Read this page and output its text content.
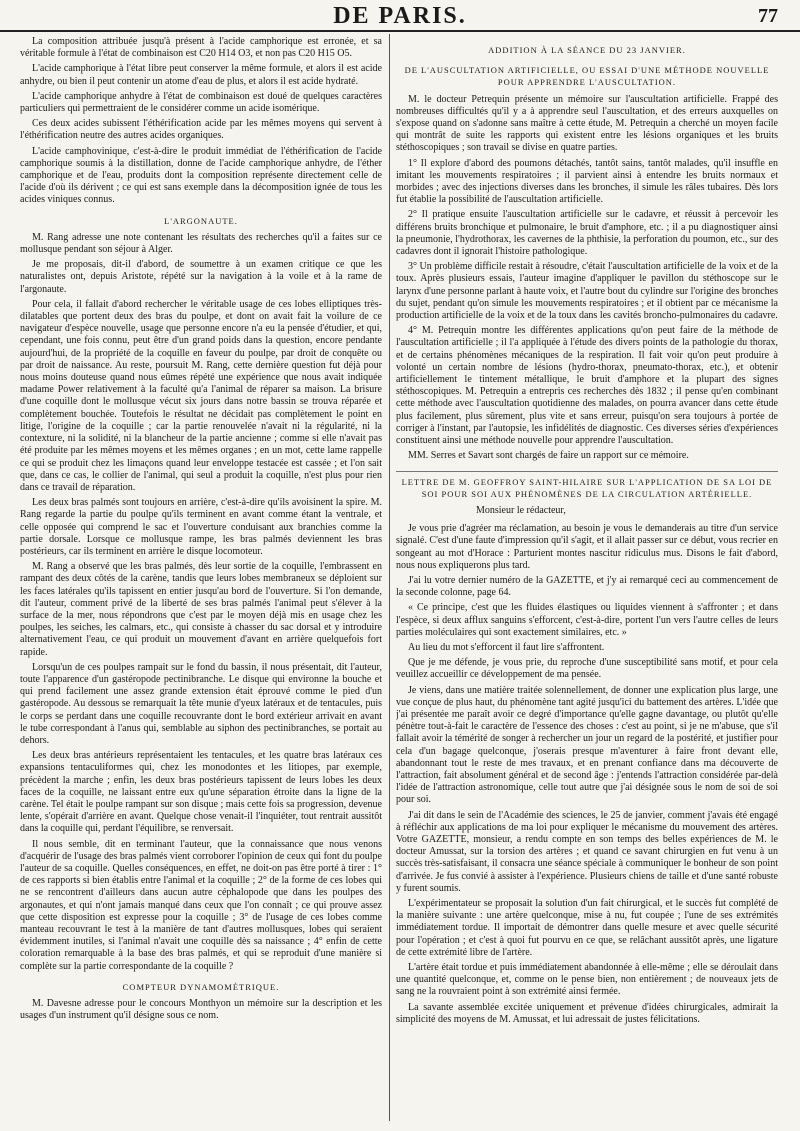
DE PARIS.	77

La composition attribuée jusqu'à présent à l'acide camphorique est erronée, et sa véritable formule à l'état de combinaison est C20 H14 O3, et non pas C20 H15 O5.

L'acide camphorique à l'état libre peut conserver la même formule, et alors il est acide anhydre, ou bien il peut contenir un atome d'eau de plus, et alors il est acide hydraté.

L'acide camphorique anhydre à l'état de combinaison est doué de quelques caractères particuliers qui permettraient de le considérer comme un acide isomérique.

Ces deux acides subissent l'éthérification acide par les mêmes moyens qui servent à l'éthérification neutre des autres acides organiques.

L'acide camphovinique, c'est-à-dire le produit immédiat de l'éthérification de l'acide camphorique soumis à la distillation, donne de l'acide camphorique anhydre, de l'éther camphorique et de l'eau, produits dont la composition représente directement celle de l'acide d'où ils dérivent ; ce qui est sans exemple dans la décomposition ignée de tous les acides viniques connus.

L'ARGONAUTE.

M. Rang adresse une note contenant les résultats des recherches qu'il a faites sur ce mollusque pendant son séjour à Alger.

Je me proposais, dit-il d'abord, de soumettre à un examen critique ce que les naturalistes ont, depuis Aristote, répété sur la navigation à la voile et à la rame de l'argonaute.

Pour cela, il fallait d'abord rechercher le véritable usage de ces lobes elliptiques très-dilatables que portent deux des bras du poulpe, et dont on avait fait la voilure de ce navigateur d'espèce nouvelle, usage que personne encore n'a eu la pensée d'étudier, et qui, cependant, une fois connu, peut être d'un grand poids dans la question, encore pendante aujourd'hui, de la propriété de la coquille en faveur du poulpe, par droit de conquête ou par droit de naissance. Au reste, poursuit M. Rang, cette dernière question fut déjà pour nous moins douteuse quand nous eûmes répété une expérience que nous avait indiquée madame Power relativement à la faculté qu'a l'animal de réparer sa maison. La brisure d'une coquille dont le mollusque vécut six jours dans notre bassin se trouva réparée et complètement bouchée. Toutefois le résultat ne décidait pas complètement le point en litige, l'origine de la coquille ; car la partie renouvelée n'avait ni la régularité, ni la contexture, ni la solidité, ni la blancheur de la partie ancienne ; comme si elle n'avait pas été produite par les mêmes moyens et les mêmes organes ; en un mot, cette lame rappelle ce qui se produit chez les limaçons quand leur enveloppe testacée est cassée ; et l'on sait que, dans ce cas, le collier de l'animal, qui seul a produit la coquille, n'est plus pour rien dans ce travail de réparation.

Les deux bras palmés sont toujours en arrière, c'est-à-dire qu'ils avoisinent la spire. M. Rang regarde la partie du poulpe qu'ils terminent en avant comme étant la ventrale, et celle opposée qui comprend le sac et l'ouverture conduisant aux branchies comme la partie dorsale. Lorsque ce mollusque rampe, les bras palmés deviennent les bras postérieurs, car ils terminent en arrière le disque locomoteur.

M. Rang a observé que les bras palmés, dès leur sortie de la coquille, l'embrassent en rampant des deux côtés de la carène, tandis que leurs lobes membraneux se déploient sur les faces latérales qu'ils tapissent en entier jusqu'au bord de l'ouverture. Si l'on demande, dit l'auteur, comment privé de la liberté de ses bras palmés l'animal peut s'élever à la surface de la mer, nous répondrons que c'est par le moyen déjà mis en usage chez les poulpes, les seiches, les calmars, etc., qui consiste à chasser du sac dorsal et y introduire alternativement l'eau, ce qui produit un mouvement d'avant en arrière quelquefois fort rapide.

Lorsqu'un de ces poulpes rampait sur le fond du bassin, il nous présentait, dit l'auteur, toute l'apparence d'un gastéropode pectinibranche. Le disque qui environne la bouche et qui prend facilement une assez grande extension était éprouvé comme le pied d'un gastéropode. Au dessous se remarquait la tête munie d'yeux latéraux et de tentacules, puis le corps se perdant dans une coquille recouvrante dont le bord extérieur arrivait en avant le tube correspondant à l'anus qui, semblable au siphon des pectinibranches, se portait au dehors.

Les deux bras antérieurs représentaient les tentacules, et les quatre bras latéraux ces expansions tentaculiformes qui, chez les monodontes et les litiopes, par exemple, précèdent la marche ; enfin, les deux bras postérieurs tapissent de leurs lobes les deux faces de la coquille, ne laissant entre eux qu'une séparation étroite dans la ligne de la carène. Tel était le poulpe rampant sur son disque ; mais cette fois sa progression, devenue lente, s'opérait d'arrière en avant. Quelque chose venait-il l'inquiéter, tout rentrait aussitôt dans la coquille qui, perdant l'équilibre, se renversait.

Il nous semble, dit en terminant l'auteur, que la connaissance que nous venons d'acquérir de l'usage des bras palmés vient corroborer l'opinion de ceux qui font du poulpe l'auteur de sa coquille. Quelles conséquences, en effet, ne doit-on pas être porté à tirer : 1° de ces rapports si bien établis entre l'animal et la coquille ; 2° de la forme de ces lobes qui ne se rencontrent d'ailleurs dans aucun autre céphalopode que dans les poulpes des argonautes, et qui n'ont jamais manqué dans ceux que l'on connaît ; ce qui prouve assez que cette disposition est expresse pour la coquille ; 3° de l'usage de ces lobes comme manteau recouvrant le test à la manière de tant d'autres mollusques, lobes qui seraient évidemment inutiles, si l'animal n'avait une coquille dès sa naissance ; 4° enfin de cette coloration remarquable à la base des bras palmés, et qui se reproduit d'une manière si complète sur la partie correspondante de la coquille ?

COMPTEUR DYNAMOMÉTRIQUE.

M. Davesne adresse pour le concours Monthyon un mémoire sur la description et les usages d'un instrument qu'il désigne sous ce nom.

ADDITION À LA SÉANCE DU 23 JANVIER.
DE L'AUSCULTATION ARTIFICIELLE, OU ESSAI D'UNE MÉTHODE NOUVELLE POUR APPRENDRE L'AUSCULTATION.

M. le docteur Petrequin présente un mémoire sur l'auscultation artificielle. Frappé des nombreuses difficultés qu'il y a à apprendre seul l'auscultation, et des erreurs auxquelles on s'expose quand on s'adonne sans maître à cette étude, M. Petrequin a cherché un moyen facile qui montrât de suite les rapports qui existent entre les lésions organiques et les bruits stéthoscopiques ; son travail se divise en quatre parties.

1° Il explore d'abord des poumons détachés, tantôt sains, tantôt malades, qu'il insuffle en imitant les mouvements respiratoires ; il parvient ainsi à entendre les bruits normaux et morbides ; avec des injections diverses dans les bronches, il simule les râles tubaires. Dès lors fut établie la possibilité de l'auscultation artificielle.

2° Il pratique ensuite l'auscultation artificielle sur le cadavre, et réussit à percevoir les différens bruits bronchique et pulmonaire, le bruit d'amphore, etc. ; il a pu diagnostiquer ainsi la pneumonie, l'hydrothorax, les cavernes de la phthisie, la perforation du poumon, etc., sur des cadavres dont il ignorait l'histoire pathologique.

3° Un problème difficile restait à résoudre, c'était l'auscultation artificielle de la voix et de la toux. Après plusieurs essais, l'auteur imagine d'appliquer le pavillon du stéthoscope sur le larynx d'une personne parlant à haute voix, et l'autre bout du cylindre sur l'origine des bronches du sujet, pendant qu'on simule les mouvements respiratoires ; et il obtient par ce mécanisme la production artificielle de la voix et de la toux dans les cavités broncho-pulmonaires du cadavre.

4° M. Petrequin montre les différentes applications qu'on peut faire de la méthode de l'auscultation artificielle ; il l'a appliquée à l'étude des divers points de la pathologie du thorax, et de certains phénomènes mécaniques de la respiration. Il fait voir qu'on peut produire à volonté un certain nombre de lésions (hydro-thorax, pneumato-thorax, etc.), et obtenir artificiellement le tintement métallique, le bruit d'amphore et la plupart des signes stéthoscopiques. M. Petrequin a entrepris ces recherches dès 1832 ; il pense qu'en combinant cette méthode avec l'auscultation quotidienne des malades, on pourra avancer dans cette étude plus facilement, plus sûrement, plus vite et sans erreur, puisqu'on sera toujours à portée de corriger à l'instant, par l'autopsie, les infidélités de diagnostic. Ces diverses séries d'expériences constituent ainsi une méthode nouvelle pour apprendre l'auscultation.

MM. Serres et Savart sont chargés de faire un rapport sur ce mémoire.

LETTRE DE M. GEOFFROY SAINT-HILAIRE SUR L'APPLICATION DE SA LOI DE SOI POUR SOI AUX PHÉNOMÈNES DE LA CIRCULATION ARTÉRIELLE.

Monsieur le rédacteur,

Je vous prie d'agréer ma réclamation, au besoin je vous le demanderais au titre d'un service signalé. C'est d'une faute d'impression qu'il s'agit, et il allait passer sur ce début, vous recrier en songeant au mot d'Horace : Parturient montes nascitur ridiculus mus. Disons le fait d'abord, nous nous expliquerons plus tard.

J'ai lu votre dernier numéro de la GAZETTE, et j'y ai remarqué ceci au commencement de la seconde colonne, page 64.

« Ce principe, c'est que les fluides élastiques ou liquides viennent à s'affronter ; et dans l'espèce, si deux afflux sanguins s'efforcent, c'est-à-dire, portent l'un vers l'autre celles de leurs parties moléculaires qui sont exactement similaires, etc. »

Au lieu du mot s'efforcent il faut lire s'affrontent.

Que je me défende, je vous prie, du reproche d'une susceptibilité sans motif, et pour cela veuillez accueillir ce développement de ma pensée.

Je viens, dans une matière traitée solennellement, de donner une explication plus large, une vue conçue de plus haut, du phénomène tant agité jusqu'ici du battement des artères. L'idée que j'ai présentée me paraît avoir ce degré d'importance qu'elle gagne davantage, ou plutôt qu'elle pénètre tout-à-fait le caractère de l'essence des choses : c'est au point, si je ne m'abuse, que s'il fallait avoir la témérité de songer à rechercher un jour un regard de la postérité, et justifier pour cela d'un bagage quelconque, j'oserais presque m'aventurer à faire front devant elle, abandonnant tout le reste de mes travaux, et en prenant confiance dans ma découverte de l'attraction, fait absolument général et de second âge : j'entends l'attraction considérée par-delà l'idée de l'attraction astronomique, celle tout autre que j'ai désignée sous le nom de soi de soi pour soi.

J'ai dit dans le sein de l'Académie des sciences, le 25 de janvier, comment j'avais été engagé à réfléchir aux applications de ma loi pour expliquer le mécanisme du mouvement des artères. Votre GAZETTE, monsieur, a rendu compte en son temps des belles expériences de M. le docteur Amussat, sur la torsion des artères ; et quand ce savant chirurgien en fut venu à un succès très-satisfaisant, il consacra une séance spéciale à communiquer le bonheur de son point d'arrivée. Je fus convié à assister à l'expérience. Plusieurs chiens de taille et d'une santé robuste y furent soumis.

L'expérimentateur se proposait la solution d'un fait chirurgical, et le succès fut complété de la manière suivante : une artère quelconque, mise à nu, fut coupée ; l'une de ses extrémités immédiatement tordue. Il importait de démontrer dans quelle mesure et avec quelle sécurité pour l'opération ; et c'est à quoi fut pourvu en ce que, se relâchant aussitôt après, une ligature de cette extrémité libre de l'artère.

L'artère était tordue et puis immédiatement abandonnée à elle-même ; elle se déroulait dans une quantité quelconque, et, comme on le pense bien, non entièrement ; de nouveaux jets de sang ne la rouvraient point à son extrémité ainsi fermée.

La savante assemblée excitée uniquement et prévenue d'idées chirurgicales, admirait la simplicité des moyens de M. Amussat, et lui adressait de justes félicitations.
